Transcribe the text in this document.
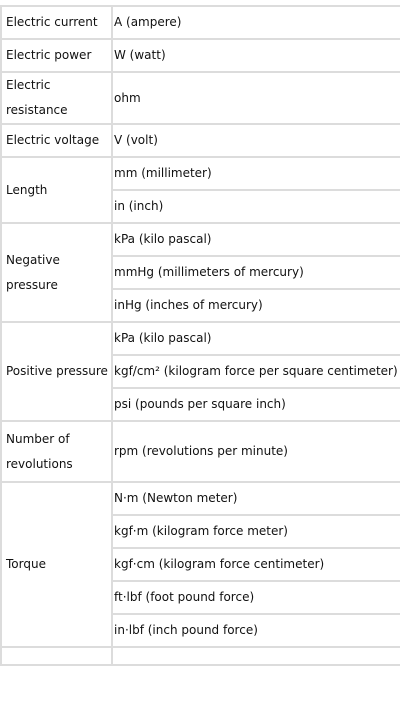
Electric current	A (ampere)
Electric power	W (watt)
Electric resistance	ohm
Electric voltage	V (volt)
Length	mm (millimeter)
	in (inch)
Negative pressure	kPa (kilo pascal)
	mmHg (millimeters of mercury)
	inHg (inches of mercury)
Positive pressure	kPa (kilo pascal)
	kgf/cm² (kilogram force per square centimeter)
	psi (pounds per square inch)
Number of revolutions	rpm (revolutions per minute)
Torque	N·m (Newton meter)
	kgf·m (kilogram force meter)
	kgf·cm (kilogram force centimeter)
	ft·lbf (foot pound force)
	in·lbf (inch pound force)
